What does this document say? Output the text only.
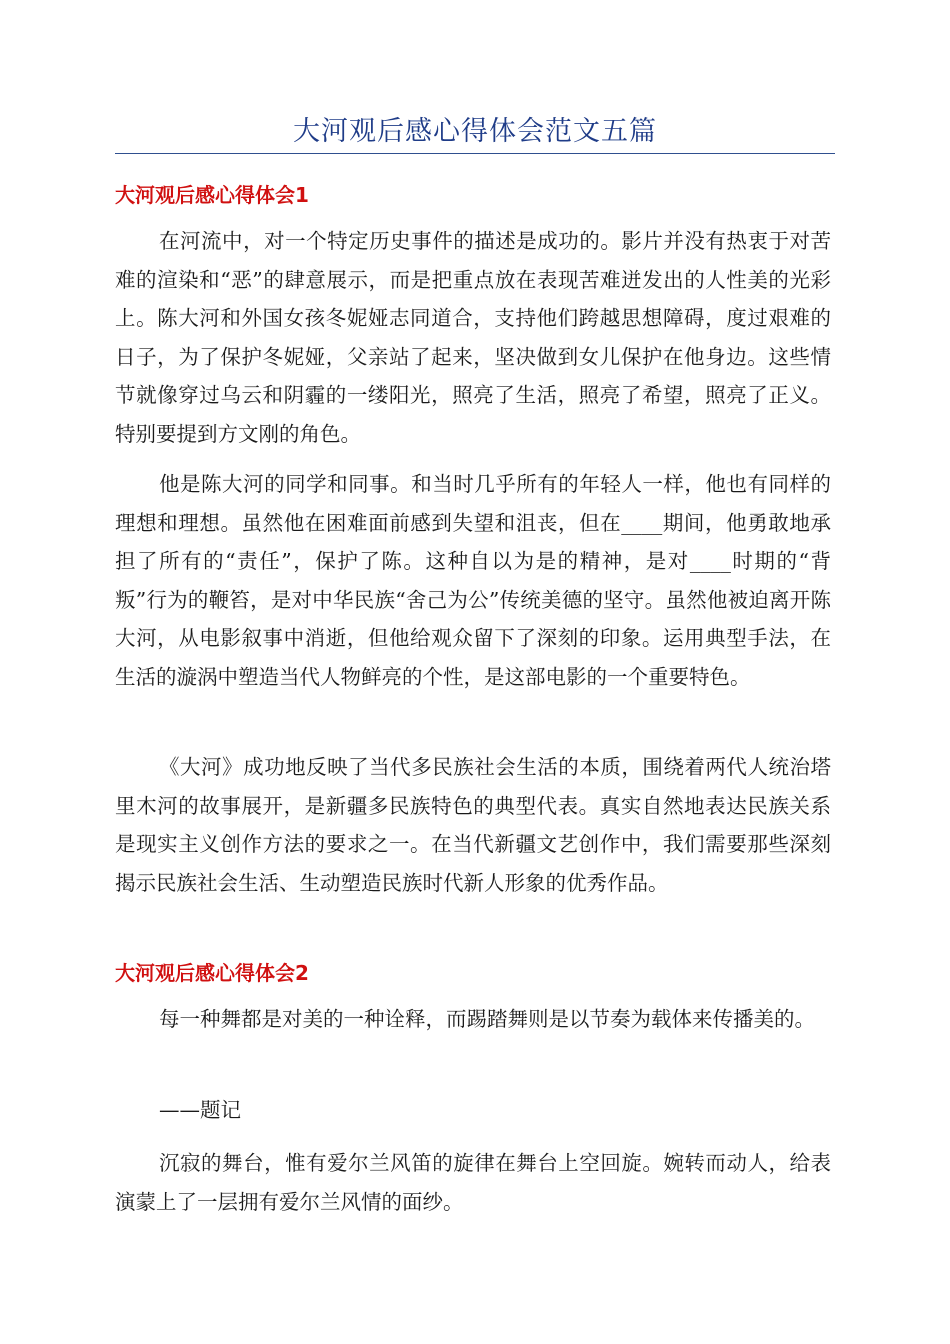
大河观后感心得体会范文五篇
大河观后感心得体会1

在河流中，对一个特定历史事件的描述是成功的。影片并没有热衷于对苦难的渲染和“恶”的肆意展示，而是把重点放在表现苦难迸发出的人性美的光彩上。陈大河和外国女孩冬妮娅志同道合，支持他们跨越思想障碍，度过艰难的日子，为了保护冬妮娅，父亲站了起来，坚决做到女儿保护在他身边。这些情节就像穿过乌云和阴霾的一缕阳光，照亮了生活，照亮了希望，照亮了正义。特别要提到方文刚的角色。

他是陈大河的同学和同事。和当时几乎所有的年轻人一样，他也有同样的理想和理想。虽然他在困难面前感到失望和沮丧，但在____期间，他勇敢地承担了所有的“责任”，保护了陈。这种自以为是的精神，是对____时期的“背叛”行为的鞭笞，是对中华民族“舍己为公”传统美德的坚守。虽然他被迫离开陈大河，从电影叙事中消逝，但他给观众留下了深刻的印象。运用典型手法，在生活的漩涡中塑造当代人物鲜亮的个性，是这部电影的一个重要特色。

《大河》成功地反映了当代多民族社会生活的本质，围绕着两代人统治塔里木河的故事展开，是新疆多民族特色的典型代表。真实自然地表达民族关系是现实主义创作方法的要求之一。在当代新疆文艺创作中，我们需要那些深刻揭示民族社会生活、生动塑造民族时代新人形象的优秀作品。

大河观后感心得体会2

每一种舞都是对美的一种诠释，而踢踏舞则是以节奏为载体来传播美的。

——题记

沉寂的舞台，惟有爱尔兰风笛的旋律在舞台上空回旋。婉转而动人，给表演蒙上了一层拥有爱尔兰风情的面纱。
